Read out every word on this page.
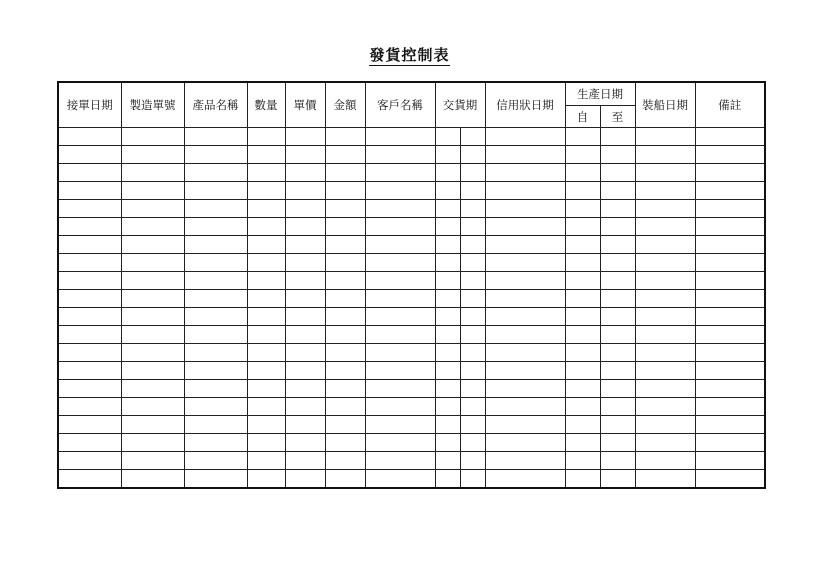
發貨控制表
接單日期	製造單號	產品名稱	數量	單價	金額	客戶名稱	交貨期		信用狀日期	生產日期		裝船日期	備註
										自	至		
